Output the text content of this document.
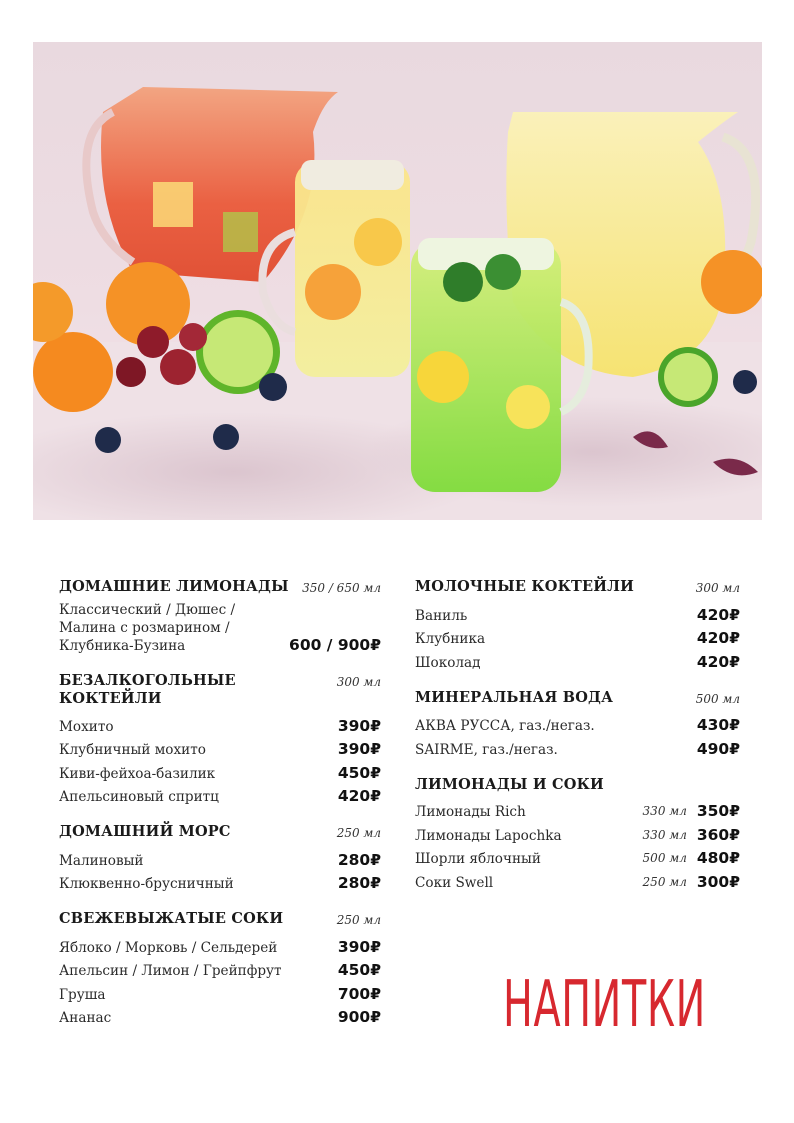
ДОМАШНИЕ ЛИМОНАДЫ 350 / 650 мл
Классический / Дюшес /
Малина с розмарином /
Клубника-Бузина	600 / 900₽
БЕЗАЛКОГОЛЬНЫЕ КОКТЕЙЛИ
300 мл
Мохито	390₽
Клубничный мохито	390₽
Киви-фейхоа-базилик	450₽
Апельсиновый спритц	420₽
ДОМАШНИЙ МОРС	250 мл
Малиновый	280₽
Клюквенно-брусничный	280₽
СВЕЖЕВЫЖАТЫЕ СОКИ	250 мл
Яблоко / Морковь / Сельдерей	390₽
Апельсин / Лимон / Грейпфрут	450₽
Груша	700₽
Ананас	900₽
МОЛОЧНЫЕ КОКТЕЙЛИ	300 мл
Ваниль	420₽
Клубника	420₽
Шоколад	420₽
МИНЕРАЛЬНАЯ ВОДА	500 мл
АКВА РУССА, газ./негаз.	430₽
SAIRME, газ./негаз.	490₽
ЛИМОНАДЫ И СОКИ
Лимонады Rich	330 мл 350₽
Лимонады Lapochka	330 мл 360₽
Шорли яблочный	500 мл 480₽
Соки Swell	250 мл 300₽
НАПИТКИ
